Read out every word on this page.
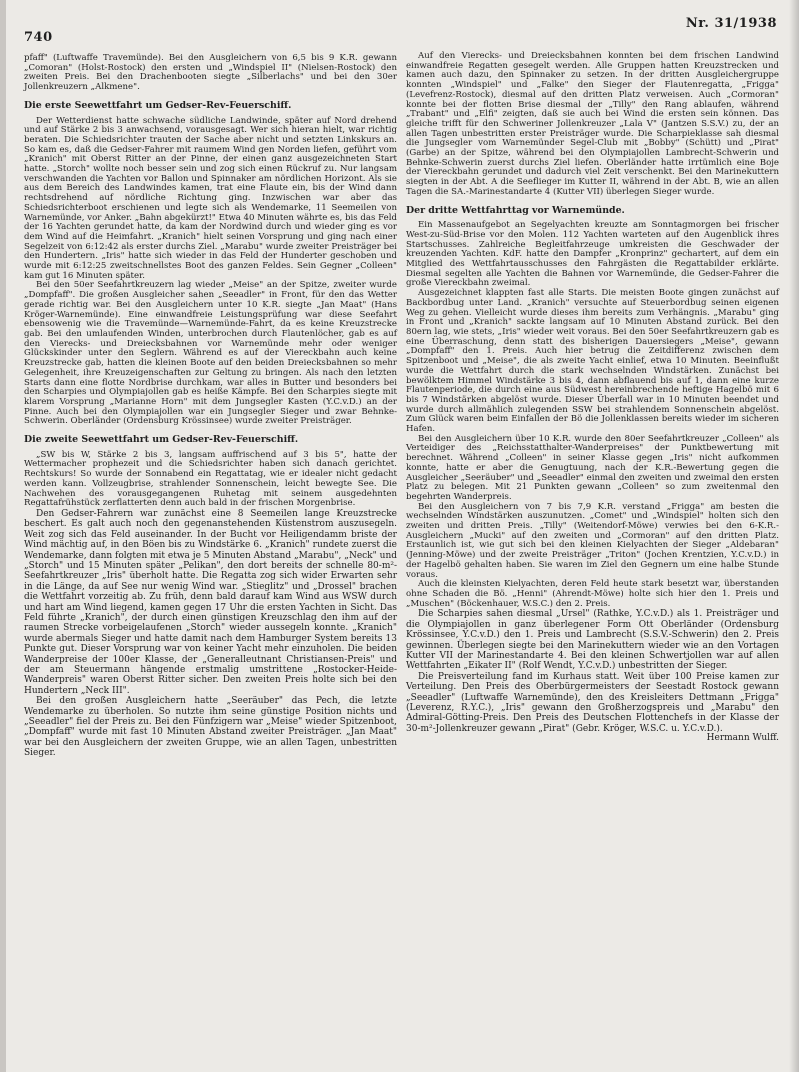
740
Nr. 31/1938

pfaff" (Luftwaffe Travemünde). Bei den Ausgleichern von 6,5 bis 9 K.R. gewann „Comoran" (Holst-Rostock) den ersten und „Windspiel II" (Nielsen-Rostock) den zweiten Preis. Bei den Drachenbooten siegte „Silberlachs" und bei den 30er Jollenkreuzern „Alkmene".

Die erste Seewettfahrt um Gedser-Rev-Feuerschiff.

Der Wetterdienst hatte schwache südliche Landwinde, später auf Nord drehend und auf Stärke 2 bis 3 anwachsend, vorausgesagt. Wer sich hieran hielt, war richtig beraten. Die Schiedsrichter trauten der Sache aber nicht und setzten Linkskurs an. So kam es, daß die Gedser-Fahrer mit raumem Wind gen Norden liefen, geführt vom „Kranich" mit Oberst Ritter an der Pinne, der einen ganz ausgezeichneten Start hatte. „Storch" wollte noch besser sein und zog sich einen Rückruf zu. Nur langsam verschwanden die Yachten vor Ballon und Spinnaker am nördlichen Horizont. Als sie aus dem Bereich des Landwindes kamen, trat eine Flaute ein, bis der Wind dann rechtsdrehend auf nördliche Richtung ging. Inzwischen war aber das Schiedsrichterboot erschienen und legte sich als Wendemarke, 11 Seemeilen von Warnemünde, vor Anker. „Bahn abgekürzt!" Etwa 40 Minuten währte es, bis das Feld der 16 Yachten gerundet hatte, da kam der Nordwind durch und wieder ging es vor dem Wind auf die Heimfahrt. „Kranich" hielt seinen Vorsprung und ging nach einer Segelzeit von 6:12:42 als erster durchs Ziel. „Marabu" wurde zweiter Preisträger bei den Hundertern. „Iris" hatte sich wieder in das Feld der Hunderter geschoben und wurde mit 6:12:25 zweitschnellstes Boot des ganzen Feldes. Sein Gegner „Colleen" kam gut 16 Minuten später.

Bei den 50er Seefahrtkreuzern lag wieder „Meise" an der Spitze, zweiter wurde „Dompfaff". Die großen Ausgleicher sahen „Seeadler" in Front, für den das Wetter gerade richtig war. Bei den Ausgleichern unter 10 K.R. siegte „Jan Maat" (Hans Kröger-Warnemünde). Eine einwandfreie Leistungsprüfung war diese Seefahrt ebensowenig wie die Travemünde—Warnemünde-Fahrt, da es keine Kreuzstrecke gab. Bei den umlaufenden Winden, unterbrochen durch Flautenlöcher, gab es auf den Vierecks- und Dreiecksbahnen vor Warnemünde mehr oder weniger Glückskinder unter den Seglern. Während es auf der Viereckbahn auch keine Kreuzstrecke gab, hatten die kleinen Boote auf den beiden Dreiecksbahnen so mehr Gelegenheit, ihre Kreuzeigenschaften zur Geltung zu bringen. Als nach den letzten Starts dann eine flotte Nordbrise durchkam, war alles in Butter und besonders bei den Scharpies und Olympiajollen gab es heiße Kämpfe. Bei den Scharpies siegte mit klarem Vorsprung „Marianne Horn" mit dem Jungsegler Kasten (Y.C.v.D.) an der Pinne. Auch bei den Olympiajollen war ein Jungsegler Sieger und zwar Behnke-Schwerin. Oberländer (Ordensburg Krössinsee) wurde zweiter Preisträger.

Die zweite Seewettfahrt um Gedser-Rev-Feuerschiff.

„SW bis W, Stärke 2 bis 3, langsam auffrischend auf 3 bis 5", hatte der Wettermacher prophezeit und die Schiedsrichter haben sich danach gerichtet. Rechtskurs! So wurde der Sonnabend ein Regattatag, wie er idealer nicht gedacht werden kann. Vollzeugbrise, strahlender Sonnenschein, leicht bewegte See. Die Nachwehen des vorausgegangenen Ruhetag mit seinem ausgedehnten Regattafrühstück zerflatterten denn auch bald in der frischen Morgenbrise.

Den Gedser-Fahrern war zunächst eine 8 Seemeilen lange Kreuzstrecke beschert. Es galt auch noch den gegenanstehenden Küstenstrom auszusegeln. Weit zog sich das Feld auseinander. In der Bucht vor Heiligendamm briste der Wind mächtig auf, in den Böen bis zu Windstärke 6. „Kranich" rundete zuerst die Wendemarke, dann folgten mit etwa je 5 Minuten Abstand „Marabu", „Neck" und „Storch" und 15 Minuten später „Pelikan", den dort bereits der schnelle 80-m²-Seefahrtkreuzer „Iris" überholt hatte. Die Regatta zog sich wider Erwarten sehr in die Länge, da auf See nur wenig Wind war. „Stieglitz" und „Drossel" brachen die Wettfahrt vorzeitig ab. Zu früh, denn bald darauf kam Wind aus WSW durch und hart am Wind liegend, kamen gegen 17 Uhr die ersten Yachten in Sicht. Das Feld führte „Kranich", der durch einen günstigen Kreuzschlag den ihm auf der raumen Strecke vorbeigelaufenen „Storch" wieder aussegeln konnte. „Kranich" wurde abermals Sieger und hatte damit nach dem Hamburger System bereits 13 Punkte gut. Dieser Vorsprung war von keiner Yacht mehr einzuholen. Die beiden Wanderpreise der 100er Klasse, der „Generalleutnant Christiansen-Preis" und der am Steuermann hängende erstmalig umstrittene „Rostocker-Heide-Wanderpreis" waren Oberst Ritter sicher. Den zweiten Preis holte sich bei den Hundertern „Neck III".

Bei den großen Ausgleichern hatte „Seeräuber" das Pech, die letzte Wendemarke zu überholen. So nutzte ihm seine günstige Position nichts und „Seeadler" fiel der Preis zu. Bei den Fünfzigern war „Meise" wieder Spitzenboot, „Dompfaff" wurde mit fast 10 Minuten Abstand zweiter Preisträger. „Jan Maat" war bei den Ausgleichern der zweiten Gruppe, wie an allen Tagen, unbestritten Sieger.

Auf den Vierecks- und Dreiecksbahnen konnten bei dem frischen Landwind einwandfreie Regatten gesegelt werden. Alle Gruppen hatten Kreuzstrecken und kamen auch dazu, den Spinnaker zu setzen. In der dritten Ausgleichergruppe konnten „Windspiel" und „Falke" den Sieger der Flautenregatta, „Frigga" (Levefrenz-Rostock), diesmal auf den dritten Platz verweisen. Auch „Cormoran" konnte bei der flotten Brise diesmal der „Tilly" den Rang ablaufen, während „Trabant" und „Elfi" zeigten, daß sie auch bei Wind die ersten sein können. Das gleiche trifft für den Schweriner Jollenkreuzer „Lala V" (Jantzen S.S.V.) zu, der an allen Tagen unbestritten erster Preisträger wurde. Die Scharpieklasse sah diesmal die Jungsegler vom Warnemünder Segel-Club mit „Bobby" (Schütt) und „Pirat" (Garbe) an der Spitze, während bei den Olympiajollen Lambrecht-Schwerin und Behnke-Schwerin zuerst durchs Ziel liefen. Oberländer hatte irrtümlich eine Boje der Viereckbahn gerundet und dadurch viel Zeit verschenkt. Bei den Marinekuttern siegten in der Abt. A die Seeflieger im Kutter II, während in der Abt. B, wie an allen Tagen die SA.-Marinestandarte 4 (Kutter VII) überlegen Sieger wurde.

Der dritte Wettfahrttag vor Warnemünde.

Ein Massenaufgebot an Segelyachten kreuzte am Sonntagmorgen bei frischer West-zu-Süd-Brise vor den Molen. 112 Yachten warteten auf den Augenblick ihres Startschusses. Zahlreiche Begleitfahrzeuge umkreisten die Geschwader der kreuzenden Yachten. KdF. hatte den Dampfer „Kronprinz" gechartert, auf dem ein Mitglied des Wettfahrtausschusses den Fahrgästen die Regattabilder erklärte. Diesmal segelten alle Yachten die Bahnen vor Warnemünde, die Gedser-Fahrer die große Viereckbahn zweimal.

Ausgezeichnet klappten fast alle Starts. Die meisten Boote gingen zunächst auf Backbordbug unter Land. „Kranich" versuchte auf Steuerbordbug seinen eigenen Weg zu gehen. Vielleicht wurde dieses ihm bereits zum Verhängnis. „Marabu" ging in Front und „Kranich" sackte langsam auf 10 Minuten Abstand zurück. Bei den 80ern lag, wie stets, „Iris" wieder weit voraus. Bei den 50er Seefahrtkreuzern gab es eine Überraschung, denn statt des bisherigen Dauersiegers „Meise", gewann „Dompfaff" den 1. Preis. Auch hier betrug die Zeitdifferenz zwischen dem Spitzenboot und „Meise", die als zweite Yacht einlief, etwa 10 Minuten. Beeinflußt wurde die Wettfahrt durch die stark wechselnden Windstärken. Zunächst bei bewölktem Himmel Windstärke 3 bis 4, dann abflauend bis auf 1, dann eine kurze Flautenperiode, die durch eine aus Südwest hereinbrechende heftige Hagelbö mit 6 bis 7 Windstärken abgelöst wurde. Dieser Überfall war in 10 Minuten beendet und wurde durch allmählich zulegenden SSW bei strahlendem Sonnenschein abgelöst. Zum Glück waren beim Einfallen der Bö die Jollenklassen bereits wieder im sicheren Hafen.

Bei den Ausgleichern über 10 K.R. wurde den 80er Seefahrtkreuzer „Colleen" als Verteidiger des „Reichsstatthalter-Wanderpreises" der Punktbewertung mit berechnet. Während „Colleen" in seiner Klasse gegen „Iris" nicht aufkommen konnte, hatte er aber die Genugtuung, nach der K.R.-Bewertung gegen die Ausgleicher „Seeräuber" und „Seeadler" einmal den zweiten und zweimal den ersten Platz zu belegen. Mit 21 Punkten gewann „Colleen" so zum zweitenmal den begehrten Wanderpreis.

Bei den Ausgleichern von 7 bis 7,9 K.R. verstand „Frigga" am besten die wechselnden Windstärken auszunutzen. „Comet" und „Windspiel" holten sich den zweiten und dritten Preis. „Tilly" (Weitendorf-Möwe) verwies bei den 6-K.R.-Ausgleichern „Mucki" auf den zweiten und „Cormoran" auf den dritten Platz. Erstaunlich ist, wie gut sich bei den kleinen Kielyachten der Sieger „Aldebaran" (Jenning-Möwe) und der zweite Preisträger „Triton" (Jochen Krentzien, Y.C.v.D.) in der Hagelbö gehalten haben. Sie waren im Ziel den Gegnern um eine halbe Stunde voraus.

Auch die kleinsten Kielyachten, deren Feld heute stark besetzt war, überstanden ohne Schaden die Bö. „Henni" (Ahrendt-Möwe) holte sich hier den 1. Preis und „Muschen" (Böckenhauer, W.S.C.) den 2. Preis.

Die Scharpies sahen diesmal „Ursel" (Rathke, Y.C.v.D.) als 1. Preisträger und die Olympiajollen in ganz überlegener Form Ott Oberländer (Ordensburg Krössinsee, Y.C.v.D.) den 1. Preis und Lambrecht (S.S.V.-Schwerin) den 2. Preis gewinnen. Überlegen siegte bei den Marinekuttern wieder wie an den Vortagen Kutter VII der Marinestandarte 4. Bei den kleinen Schwertjollen war auf allen Wettfahrten „Eikater II" (Rolf Wendt, Y.C.v.D.) unbestritten der Sieger.

Die Preisverteilung fand im Kurhaus statt. Weit über 100 Preise kamen zur Verteilung. Den Preis des Oberbürgermeisters der Seestadt Rostock gewann „Seeadler" (Luftwaffe Warnemünde), den des Kreisleiters Dettmann „Frigga" (Leverenz, R.Y.C.), „Iris" gewann den Großherzogspreis und „Marabu" den Admiral-Götting-Preis. Den Preis des Deutschen Flottenchefs in der Klasse der 30-m²-Jollenkreuzer gewann „Pirat" (Gebr. Kröger, W.S.C. u. Y.C.v.D.).

Hermann Wulff.
